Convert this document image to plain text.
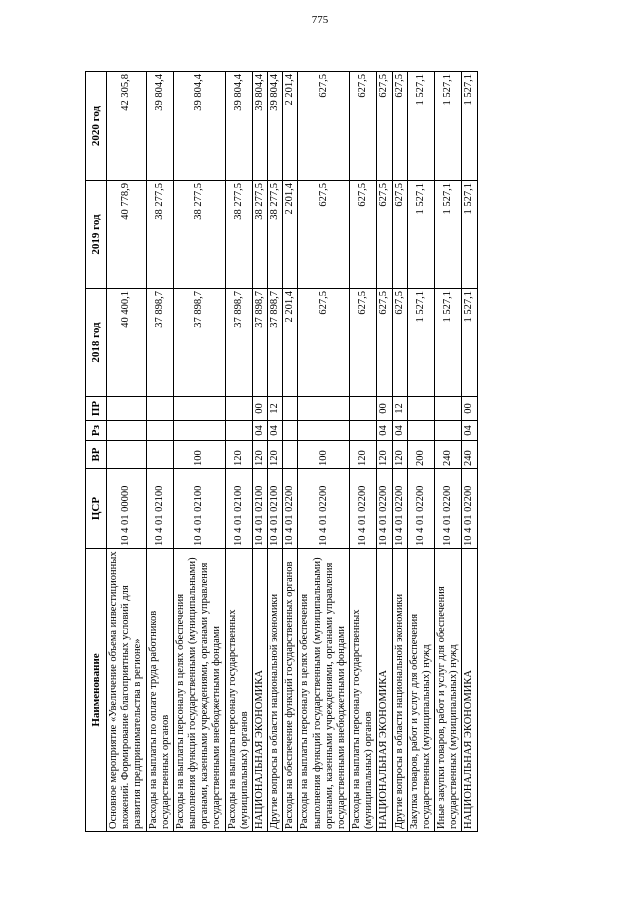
775
Наименование	ЦСР	ВР	Рз	ПР	2018 год	2019 год	2020 год
Основное мероприятие «Увеличение объема инвестиционных вложений. Формирование благоприятных условий для развития предпринимательства в регионе»	10 4 01 00000				40 400,1	40 778,9	42 305,8
Расходы на выплаты по оплате труда работников государственных органов	10 4 01 02100				37 898,7	38 277,5	39 804,4
Расходы на выплаты персоналу в целях обеспечения выполнения функций государственными (муниципальными) органами, казенными учреждениями, органами управления государственными внебюджетными фондами	10 4 01 02100	100			37 898,7	38 277,5	39 804,4
Расходы на выплаты персоналу государственных (муниципальных) органов	10 4 01 02100	120			37 898,7	38 277,5	39 804,4
НАЦИОНАЛЬНАЯ ЭКОНОМИКА	10 4 01 02100	120	04	00	37 898,7	38 277,5	39 804,4
Другие вопросы в области национальной экономики	10 4 01 02100	120	04	12	37 898,7	38 277,5	39 804,4
Расходы на обеспечение функций государственных органов	10 4 01 02200				2 201,4	2 201,4	2 201,4
Расходы на выплаты персоналу в целях обеспечения выполнения функций государственными (муниципальными) органами, казенными учреждениями, органами управления государственными внебюджетными фондами	10 4 01 02200	100			627,5	627,5	627,5
Расходы на выплаты персоналу государственных (муниципальных) органов	10 4 01 02200	120			627,5	627,5	627,5
НАЦИОНАЛЬНАЯ ЭКОНОМИКА	10 4 01 02200	120	04	00	627,5	627,5	627,5
Другие вопросы в области национальной экономики	10 4 01 02200	120	04	12	627,5	627,5	627,5
Закупка товаров, работ и услуг для обеспечения государственных (муниципальных) нужд	10 4 01 02200	200			1 527,1	1 527,1	1 527,1
Иные закупки товаров, работ и услуг для обеспечения государственных (муниципальных) нужд	10 4 01 02200	240			1 527,1	1 527,1	1 527,1
НАЦИОНАЛЬНАЯ ЭКОНОМИКА	10 4 01 02200	240	04	00	1 527,1	1 527,1	1 527,1
